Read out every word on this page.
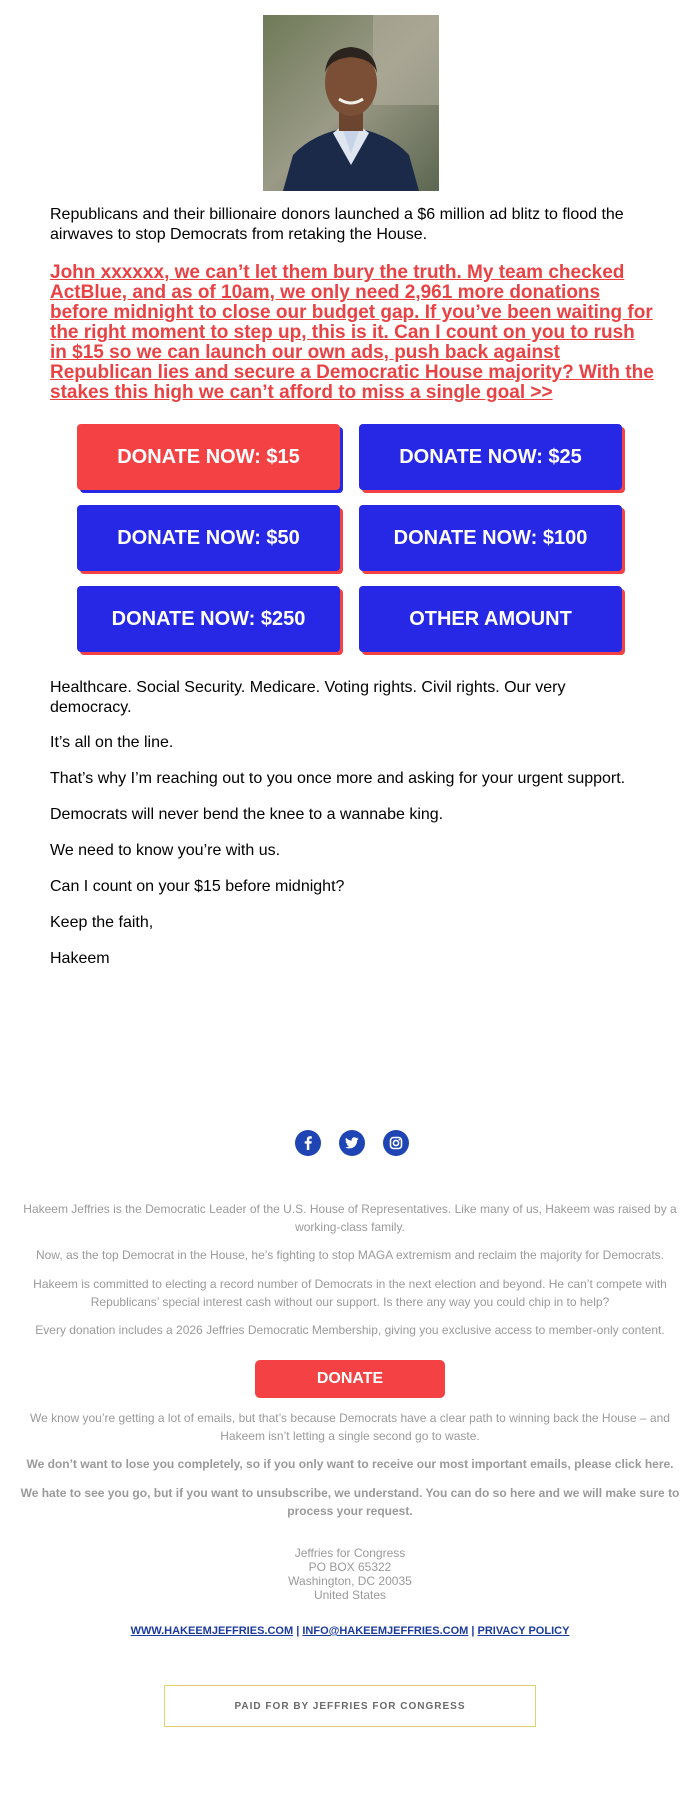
Republicans and their billionaire donors launched a $6 million ad blitz to flood the airwaves to stop Democrats from retaking the House.

John xxxxxx, we can’t let them bury the truth. My team checked ActBlue, and as of 10am, we only need 2,961 more donations before midnight to close our budget gap. If you’ve been waiting for the right moment to step up, this is it. Can I count on you to rush in $15 so we can launch our own ads, push back against Republican lies and secure a Democratic House majority? With the stakes this high we can’t afford to miss a single goal >>

DONATE NOW: $15	DONATE NOW: $25
DONATE NOW: $50	DONATE NOW: $100
DONATE NOW: $250	OTHER AMOUNT

Healthcare. Social Security. Medicare. Voting rights. Civil rights. Our very democracy.

It’s all on the line.

That’s why I’m reaching out to you once more and asking for your urgent support.

Democrats will never bend the knee to a wannabe king.

We need to know you’re with us.

Can I count on your $15 before midnight?

Keep the faith,

Hakeem

Hakeem Jeffries is the Democratic Leader of the U.S. House of Representatives. Like many of us, Hakeem was raised by a working-class family.

Now, as the top Democrat in the House, he’s fighting to stop MAGA extremism and reclaim the majority for Democrats.

Hakeem is committed to electing a record number of Democrats in the next election and beyond. He can’t compete with Republicans’ special interest cash without our support. Is there any way you could chip in to help?

Every donation includes a 2026 Jeffries Democratic Membership, giving you exclusive access to member-only content.

DONATE

We know you’re getting a lot of emails, but that’s because Democrats have a clear path to winning back the House – and Hakeem isn’t letting a single second go to waste.

We don’t want to lose you completely, so if you only want to receive our most important emails, please click here.

We hate to see you go, but if you want to unsubscribe, we understand. You can do so here and we will make sure to process your request.

Jeffries for Congress

PO BOX 65322

Washington, DC 20035

United States

WWW.HAKEEMJEFFRIES.COM | INFO@HAKEEMJEFFRIES.COM | PRIVACY POLICY
PAID FOR BY JEFFRIES FOR CONGRESS
